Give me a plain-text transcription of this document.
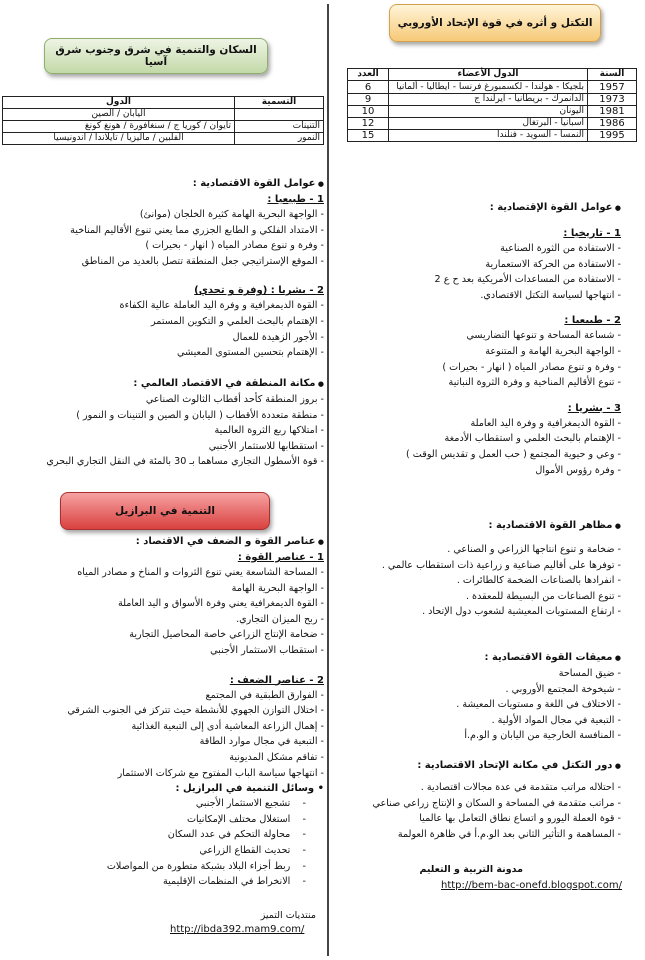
التكتل و أثره في قوة الإتحاد الأوروبي
السنة	الدول الأعضاء	العدد
1957	بلجيكا - هولندا - لكسمبورغ فرنسا - ايطاليا - ألمانيا	6
1973	الدانمرك - بريطانيا - ايرلندا ج	9
1981	اليونان	10
1986	اسبانيا - البرتغال	12
1995	النمسا - السويد - فنلندا	15
● عوامل القوة الإقتصادية :
1 - تاريخيا :
- الاستفادة من الثورة الصناعية
- الاستفادة من الحركة الاستعمارية
- الاستفادة من المساعدات الأمريكية بعد ح ع 2
- انتهاجها لسياسة التكتل الاقتصادي.
2 - طبيعيا :
- شساعة المساحة و تنوعها التضاريسي
- الواجهة البحرية الهامة و المتنوعة
- وفرة و تنوع مصادر المياه ( انهار - بحيرات )
- تنوع الأقاليم المناخية و وفرة الثروة النباتية
3 - بشريا :
- القوة الديمغرافية و وفرة اليد العاملة
- الإهتمام بالبحث العلمي و استقطاب الأدمغة
- وعي و حيوية المجتمع ( حب العمل و تقديس الوقت )
- وفرة رؤوس الأموال
● مظاهر القوة الاقتصادية :
- ضخامة و تنوع انتاجها الزراعي و الصناعي .
- توفرها على أقاليم صناعية و زراعية ذات استقطاب عالمي .
- انفرادها بالصناعات الضخمة كالطائرات .
- تنوع الصناعات من البسيطة للمعقدة .
- ارتفاع المستويات المعيشية لشعوب دول الإتحاد .
● معيقات القوة الاقتصادية :
- ضيق المساحة
- شيخوخة المجتمع الأوروبي .
- الاختلاف في اللغة و مستويات المعيشة .
- التبعية في مجال المواد الأولية .
- المنافسة الخارجية من اليابان و الو.م.أ
● دور التكتل في مكانة الإتحاد الاقتصادية :
- احتلاله مراتب متقدمة في عدة مجالات اقتصادية .
- مراتب متقدمة في المساحة و السكان و الإنتاج زراعي صناعي
- قوة العملة اليورو و اتساع نطاق التعامل بها عالميا
- المساهمة و التأثير الثاني بعد الو.م.أ في ظاهرة العولمة
مدونة التربية و التعليم
http://bem-bac-onefd.blogspot.com/
السكان والتنمية في شرق وجنوب شرق آسيا
التسمية	الدول
	اليابان / الصين
التنينات	تايوان / كوريا ج / سنغافورة / هونغ كونغ
النمور	الفلبين / ماليزيا / تايلاندا / اندونيسيا
● عوامل القوة الاقتصادية :
1 - طبيعيا :
- الواجهة البحرية الهامة كثيرة الخلجان (موانئ)
- الامتداد الفلكي و الطابع الجزري مما يعني تنوع الأقاليم المناخية
- وفرة و تنوع مصادر المياه ( انهار - بحيرات )
- الموقع الإستراتيجي جعل المنطقة تتصل بالعديد من المناطق
2 - بشريا : (وفرة و تحدي)
- القوة الديمغرافية و وفرة اليد العاملة عالية الكفاءة
- الإهتمام بالبحث العلمي و التكوين المستمر
- الأجور الزهيدة للعمال
- الإهتمام بتحسين المستوى المعيشي
● مكانة المنطقة في الاقتصاد العالمي :
- بروز المنطقة كأحد أقطاب الثالوث الصناعي
- منطقة متعددة الأقطاب ( اليابان و الصين و التنينات و النمور )
- امتلاكها ربع الثروة العالمية
- استقطابها للاستثمار الأجنبي
- قوة الأسطول التجاري مساهما بـ 30 بالمئة في النقل التجاري البحري
التنمية في البرازيل
● عناصر القوة و الضعف في الاقتصاد :
1 - عناصر القوة :
- المساحة الشاسعة يعني تنوع الثروات و المناخ و مصادر المياه
- الواجهة البحرية الهامة
- القوة الديمغرافية يعني وفرة الأسواق و اليد العاملة
- ربح الميزان التجاري.
- ضخامة الإنتاج الزراعي خاصة المحاصيل التجارية
- استقطاب الاستثمار الأجنبي
2 - عناصر الضعف :
- الفوارق الطبقية في المجتمع
- اختلال التوازن الجهوي للأنشطة حيث تتركز في الجنوب الشرقي
- إهمال الزراعة المعاشية أدى إلى التبعية الغذائية
- التبعية في مجال موارد الطاقة
- تفاقم مشكل المديونية
- انتهاجها سياسة الباب المفتوح مع شركات الاستثمار
• وسائل التنمية في البرازيل :
- تشجيع الاستثمار الأجنبي
- استغلال مختلف الإمكانيات
- محاولة التحكم في عدد السكان
- تحديث القطاع الزراعي
- ربط أجزاء البلاد بشبكة متطورة من المواصلات
- الانخراط في المنظمات الإقليمية
منتديات التميز
http://ibda392.mam9.com/
